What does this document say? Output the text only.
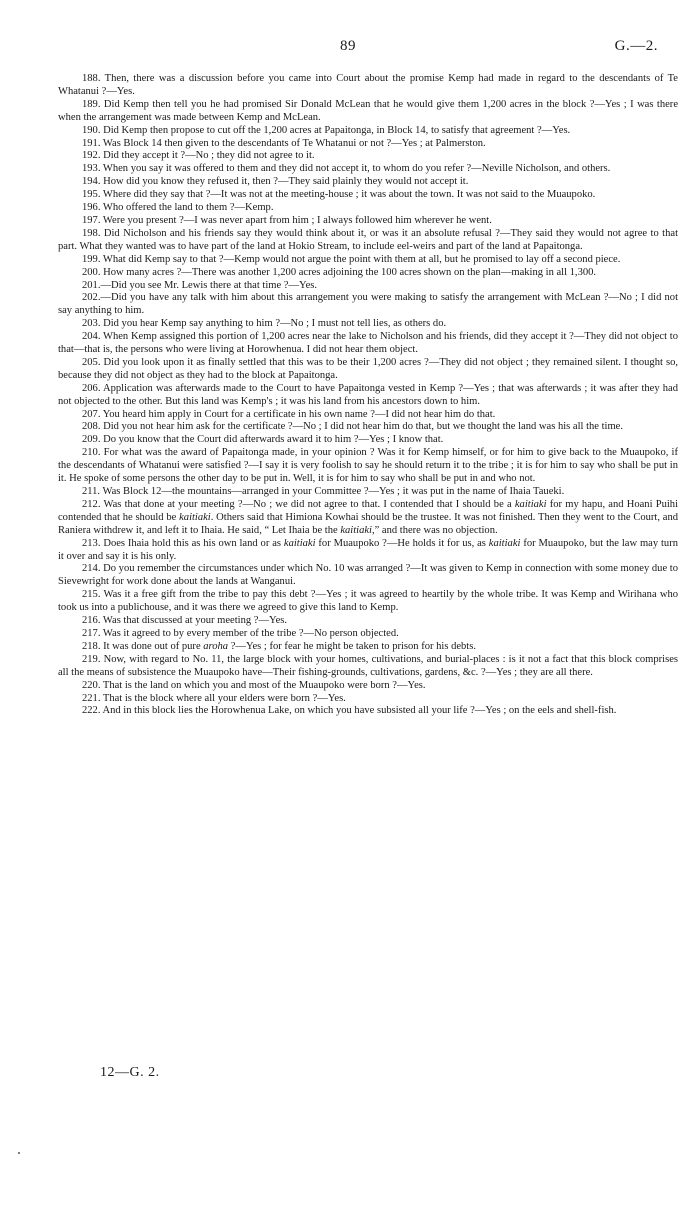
89	G.—2.

188. Then, there was a discussion before you came into Court about the promise Kemp had made in regard to the descendants of Te Whatanui ?—Yes.

189. Did Kemp then tell you he had promised Sir Donald McLean that he would give them 1,200 acres in the block ?—Yes ; I was there when the arrangement was made between Kemp and McLean.

190. Did Kemp then propose to cut off the 1,200 acres at Papaitonga, in Block 14, to satisfy that agreement ?—Yes.

191. Was Block 14 then given to the descendants of Te Whatanui or not ?—Yes ; at Palmerston.

192. Did they accept it ?—No ; they did not agree to it.

193. When you say it was offered to them and they did not accept it, to whom do you refer ?—Neville Nicholson, and others.

194. How did you know they refused it, then ?—They said plainly they would not accept it.

195. Where did they say that ?—It was not at the meeting-house ; it was about the town. It was not said to the Muaupoko.

196. Who offered the land to them ?—Kemp.

197. Were you present ?—I was never apart from him ; I always followed him wherever he went.

198. Did Nicholson and his friends say they would think about it, or was it an absolute refusal ?—They said they would not agree to that part. What they wanted was to have part of the land at Hokio Stream, to include eel-weirs and part of the land at Papaitonga.

199. What did Kemp say to that ?—Kemp would not argue the point with them at all, but he promised to lay off a second piece.

200. How many acres ?—There was another 1,200 acres adjoining the 100 acres shown on the plan—making in all 1,300.

201.—Did you see Mr. Lewis there at that time ?—Yes.

202.—Did you have any talk with him about this arrangement you were making to satisfy the arrangement with McLean ?—No ; I did not say anything to him.

203. Did you hear Kemp say anything to him ?—No ; I must not tell lies, as others do.

204. When Kemp assigned this portion of 1,200 acres near the lake to Nicholson and his friends, did they accept it ?—They did not object to that—that is, the persons who were living at Horowhenua. I did not hear them object.

205. Did you look upon it as finally settled that this was to be their 1,200 acres ?—They did not object ; they remained silent. I thought so, because they did not object as they had to the block at Papaitonga.

206. Application was afterwards made to the Court to have Papaitonga vested in Kemp ?—Yes ; that was afterwards ; it was after they had not objected to the other. But this land was Kemp's ; it was his land from his ancestors down to him.

207. You heard him apply in Court for a certificate in his own name ?—I did not hear him do that.

208. Did you not hear him ask for the certificate ?—No ; I did not hear him do that, but we thought the land was his all the time.

209. Do you know that the Court did afterwards award it to him ?—Yes ; I know that.

210. For what was the award of Papaitonga made, in your opinion ? Was it for Kemp himself, or for him to give back to the Muaupoko, if the descendants of Whatanui were satisfied ?—I say it is very foolish to say he should return it to the tribe ; it is for him to say who shall be put in it. He spoke of some persons the other day to be put in. Well, it is for him to say who shall be put in and who not.

211. Was Block 12—the mountains—arranged in your Committee ?—Yes ; it was put in the name of Ihaia Taueki.

212. Was that done at your meeting ?—No ; we did not agree to that. I contended that I should be a kaitiaki for my hapu, and Hoani Puihi contended that he should be kaitiaki. Others said that Himiona Kowhai should be the trustee. It was not finished. Then they went to the Court, and Raniera withdrew it, and left it to Ihaia. He said, “ Let Ihaia be the kaitiaki,” and there was no objection.

213. Does Ihaia hold this as his own land or as kaitiaki for Muaupoko ?—He holds it for us, as kaitiaki for Muaupoko, but the law may turn it over and say it is his only.

214. Do you remember the circumstances under which No. 10 was arranged ?—It was given to Kemp in connection with some money due to Sievewright for work done about the lands at Wanganui.

215. Was it a free gift from the tribe to pay this debt ?—Yes ; it was agreed to heartily by the whole tribe. It was Kemp and Wirihana who took us into a publichouse, and it was there we agreed to give this land to Kemp.

216. Was that discussed at your meeting ?—Yes.

217. Was it agreed to by every member of the tribe ?—No person objected.

218. It was done out of pure aroha ?—Yes ; for fear he might be taken to prison for his debts.

219. Now, with regard to No. 11, the large block with your homes, cultivations, and burial-places : is it not a fact that this block comprises all the means of subsistence the Muaupoko have—Their fishing-grounds, cultivations, gardens, &c. ?—Yes ; they are all there.

220. That is the land on which you and most of the Muaupoko were born ?—Yes.

221. That is the block where all your elders were born ?—Yes.

222. And in this block lies the Horowhenua Lake, on which you have subsisted all your life ?—Yes ; on the eels and shell-fish.

12—G. 2.
